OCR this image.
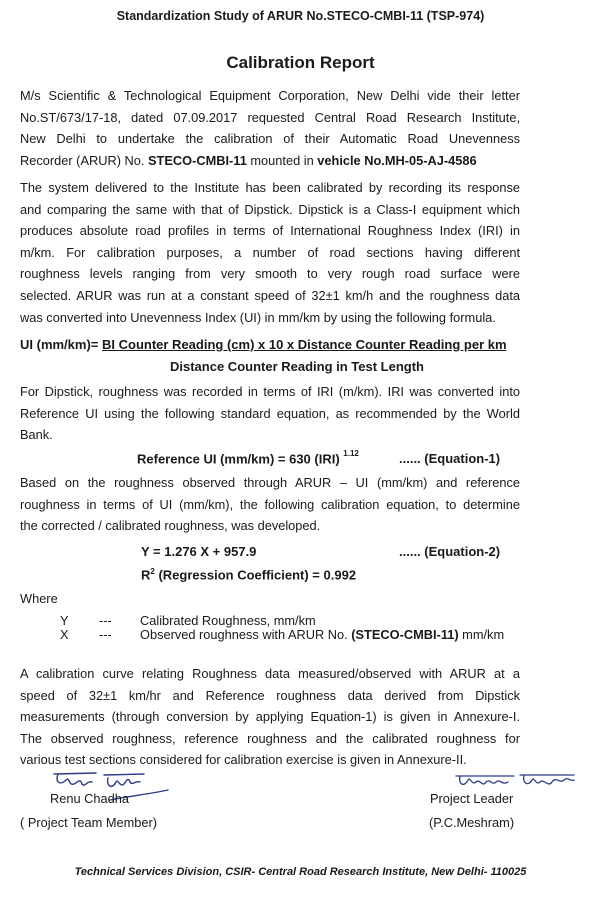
Standardization Study of ARUR No.STECO-CMBI-11 (TSP-974)
Calibration Report
M/s Scientific & Technological Equipment Corporation, New Delhi vide their letter
No.ST/673/17-18, dated 07.09.2017 requested Central Road Research Institute,
New Delhi to undertake the calibration of their Automatic Road Unevenness
Recorder (ARUR) No. STECO-CMBI-11 mounted in vehicle No.MH-05-AJ-4586
The system delivered to the Institute has been calibrated by recording its response
and comparing the same with that of Dipstick. Dipstick is a Class-I equipment which
produces absolute road profiles in terms of International Roughness Index (IRI) in
m/km. For calibration purposes, a number of road sections having different
roughness levels ranging from very smooth to very rough road surface were
selected. ARUR was run at a constant speed of 32±1 km/h and the roughness data
was converted into Unevenness Index (UI) in mm/km by using the following formula.
UI (mm/km)= BI Counter Reading (cm) x 10 x Distance Counter Reading per km
Distance Counter Reading in Test Length
For Dipstick, roughness was recorded in terms of IRI (m/km). IRI was converted into
Reference UI using the following standard equation, as recommended by the World
Bank.
Reference UI (mm/km) = 630 (IRI) $^{1.12}$	...... (Equation-1)
Based on the roughness observed through ARUR – UI (mm/km) and reference
roughness in terms of UI (mm/km), the following calibration equation, to determine
the corrected / calibrated roughness, was developed.
Y = 1.276 X + 957.9	...... (Equation-2)
$R^2$ (Regression Coefficient) = 0.992
Where
Y --- Calibrated Roughness, mm/km
X --- Observed roughness with ARUR No. (STECO-CMBI-11) mm/km
A calibration curve relating Roughness data measured/observed with ARUR at a
speed of 32±1 km/hr and Reference roughness data derived from Dipstick
measurements (through conversion by applying Equation-1) is given in Annexure-I.
The observed roughness, reference roughness and the calibrated roughness for
various test sections considered for calibration exercise is given in Annexure-II.
Renu Chadha
( Project Team Member)
Project Leader
(P.C.Meshram)
Technical Services Division, CSIR- Central Road Research Institute, New Delhi- 110025
